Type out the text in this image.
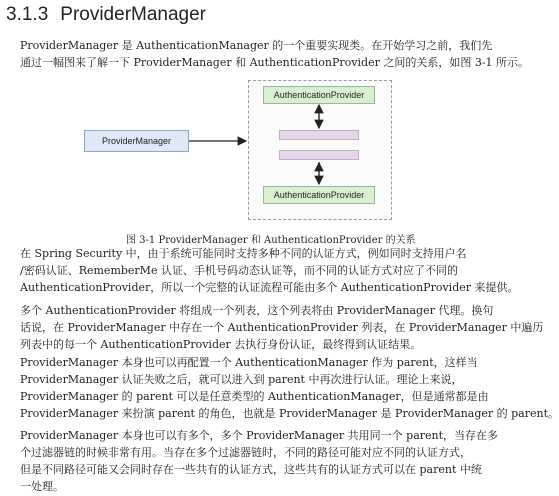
3.1.3 ProviderManager
ProviderManager 是 AuthenticationManager 的一个重要实现类。在开始学习之前，我们先
通过一幅图来了解一下 ProviderManager 和 AuthenticationProvider 之间的关系，如图 3-1 所示。
ProviderManager
AuthenticationProvider
AuthenticationProvider
图 3-1 ProviderManager 和 AuthenticationProvider 的关系
在 Spring Security 中，由于系统可能同时支持多种不同的认证方式，例如同时支持用户名
/密码认证、RememberMe 认证、手机号码动态认证等，而不同的认证方式对应了不同的
AuthenticationProvider，所以一个完整的认证流程可能由多个 AuthenticationProvider 来提供。
多个 AuthenticationProvider 将组成一个列表，这个列表将由 ProviderManager 代理。换句
话说，在 ProviderManager 中存在一个 AuthenticationProvider 列表，在 ProviderManager 中遍历
列表中的每一个 AuthenticationProvider 去执行身份认证，最终得到认证结果。
ProviderManager 本身也可以再配置一个 AuthenticationManager 作为 parent，这样当
ProviderManager 认证失败之后，就可以进入到 parent 中再次进行认证。理论上来说，
ProviderManager 的 parent 可以是任意类型的 AuthenticationManager，但是通常都是由
ProviderManager 来扮演 parent 的角色，也就是 ProviderManager 是 ProviderManager 的 parent。
ProviderManager 本身也可以有多个，多个 ProviderManager 共用同一个 parent，当存在多
个过滤器链的时候非常有用。当存在多个过滤器链时，不同的路径可能对应不同的认证方式，
但是不同路径可能又会同时存在一些共有的认证方式，这些共有的认证方式可以在 parent 中统
一处理。
